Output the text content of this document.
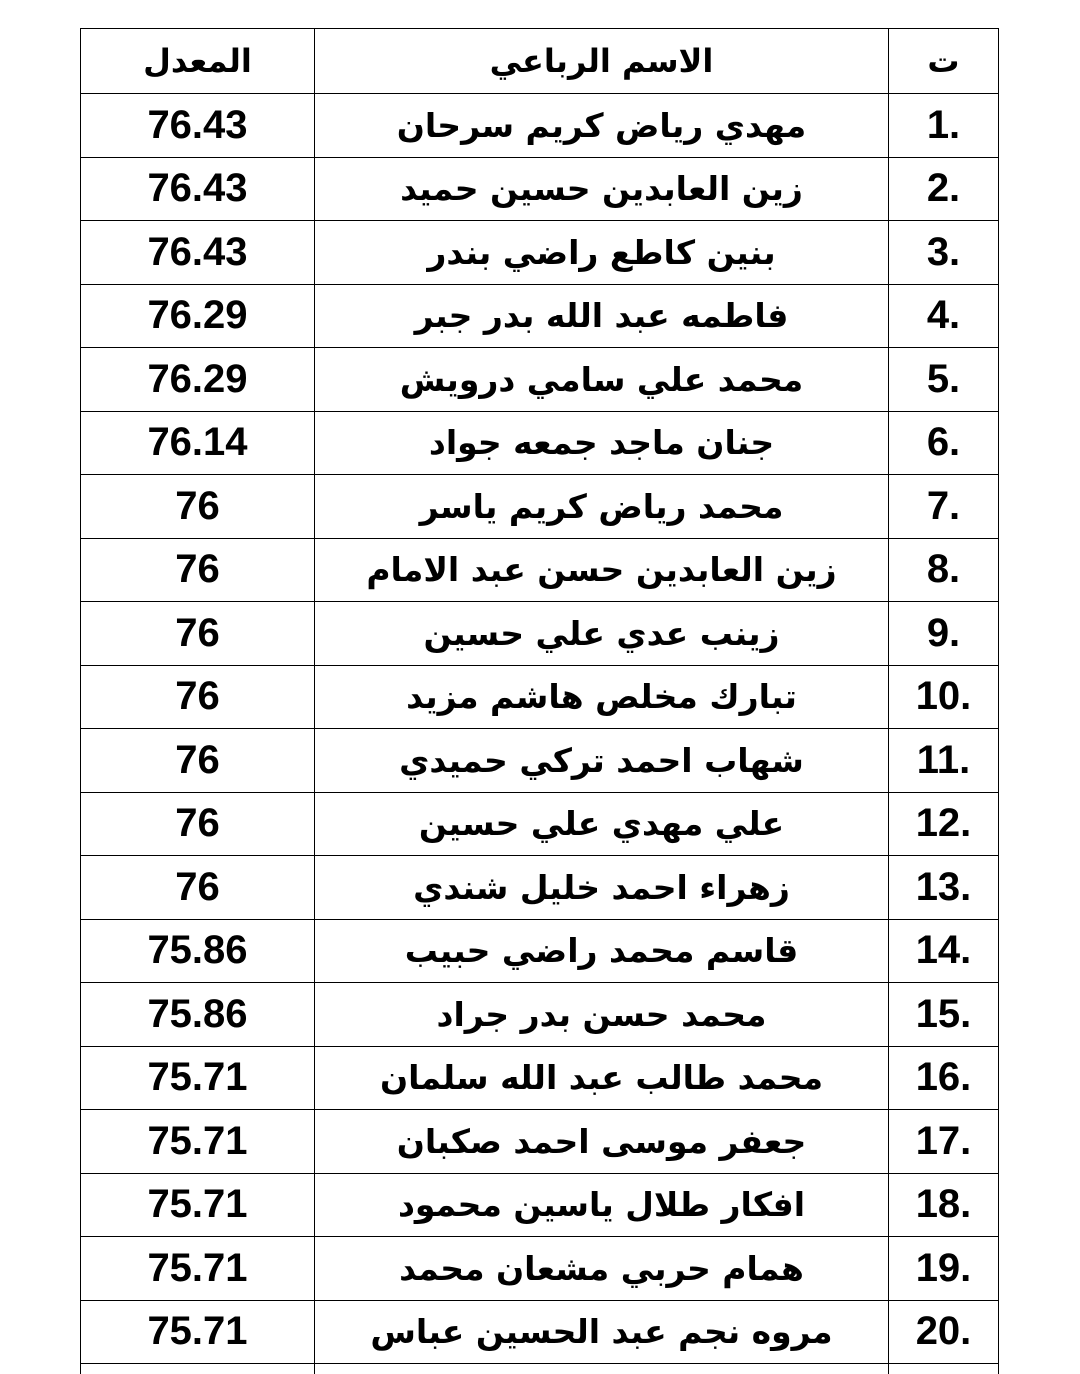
المعدل	الاسم الرباعي	ت
76.43	مهدي رياض كريم سرحان	1.
76.43	زين العابدين حسين حميد	2.
76.43	بنين كاطع راضي بندر	3.
76.29	فاطمه عبد الله بدر جبر	4.
76.29	محمد علي سامي درويش	5.
76.14	جنان ماجد جمعه جواد	6.
76	محمد رياض كريم ياسر	7.
76	زين العابدين حسن عبد الامام	8.
76	زينب عدي علي حسين	9.
76	تبارك مخلص هاشم مزيد	10.
76	شهاب احمد تركي حميدي	11.
76	علي مهدي علي حسين	12.
76	زهراء احمد خليل شندي	13.
75.86	قاسم محمد راضي حبيب	14.
75.86	محمد حسن بدر جراد	15.
75.71	محمد طالب عبد الله سلمان	16.
75.71	جعفر موسى احمد صكبان	17.
75.71	افكار طلال ياسين محمود	18.
75.71	همام حربي مشعان محمد	19.
75.71	مروه نجم عبد الحسين عباس	20.
